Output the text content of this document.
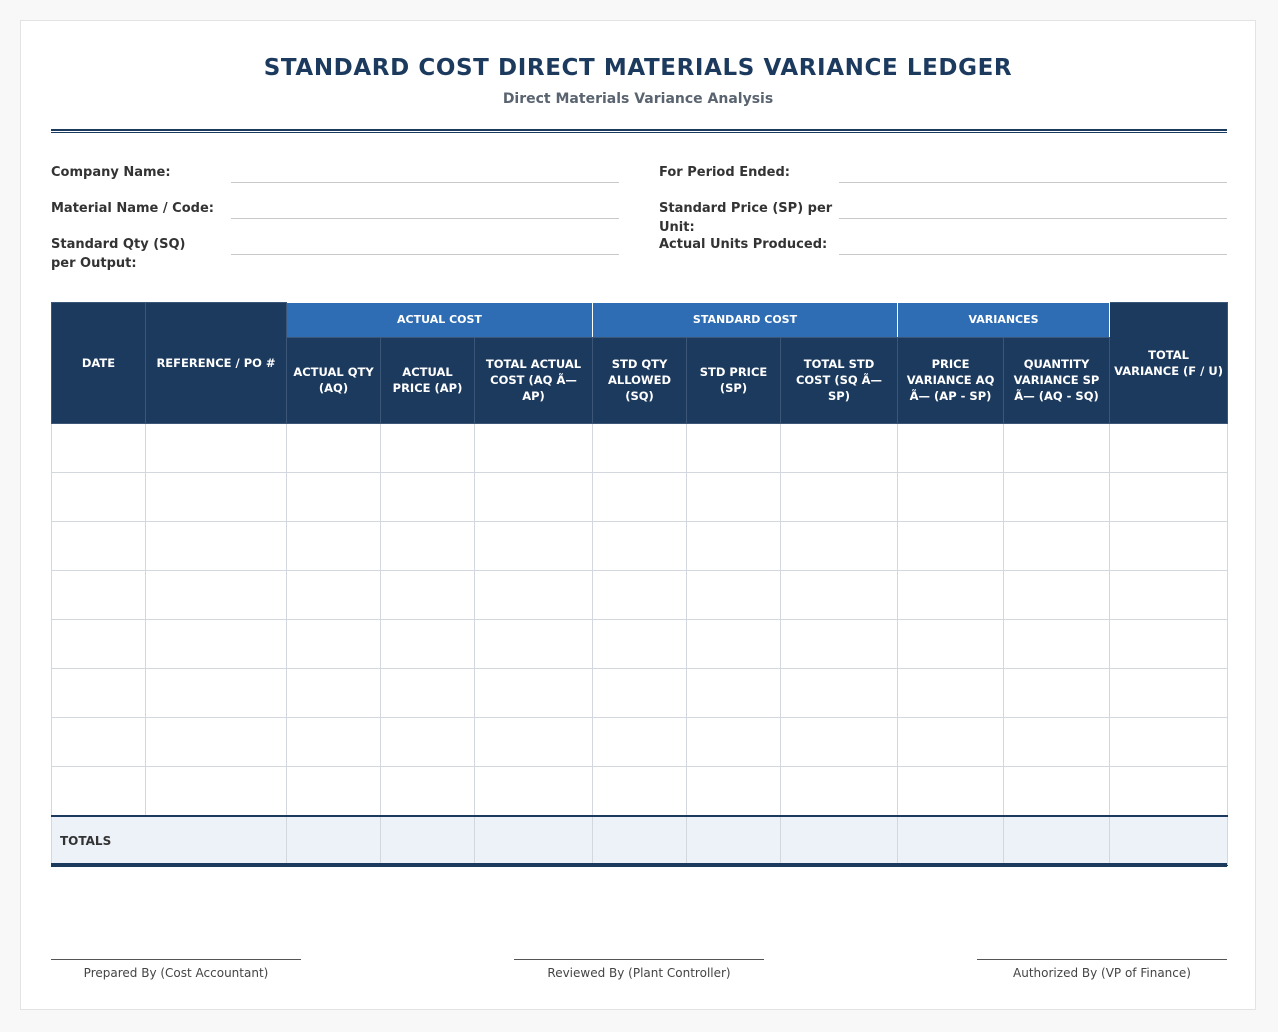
STANDARD COST DIRECT MATERIALS VARIANCE LEDGER
Direct Materials Variance Analysis
Company Name:	For Period Ended:
Material Name / Code:	Standard Price (SP) per Unit:
Standard Qty (SQ) per Output:
Actual Units Produced:
DATE	REFERENCE / PO #	ACTUAL COST			STANDARD COST			VARIANCES		TOTAL VARIANCE (F / U)
		ACTUAL QTY (AQ)	ACTUAL PRICE (AP)	TOTAL ACTUAL COST (AQ Ã— AP)	STD QTY ALLOWED (SQ)	STD PRICE (SP)	TOTAL STD COST (SQ Ã— SP)	PRICE VARIANCE AQ Ã— (AP - SP)	QUANTITY VARIANCE SP Ã— (AQ - SQ)	

TOTALS										
Prepared By (Cost Accountant)	Reviewed By (Plant Controller)	Authorized By (VP of Finance)
